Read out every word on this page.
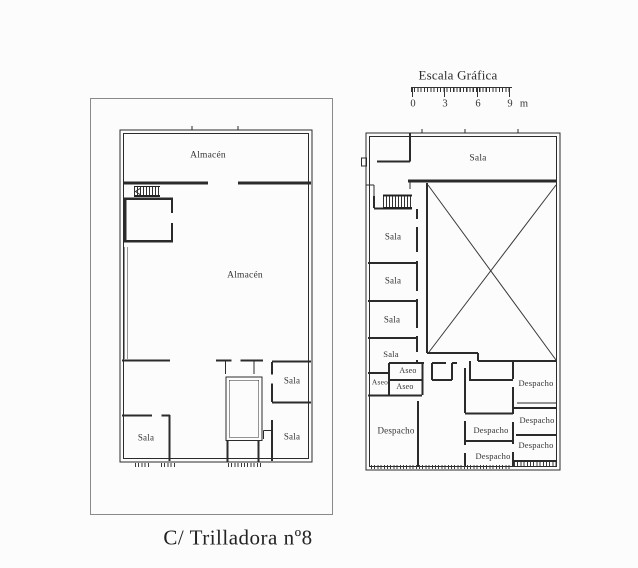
Escala Gráfica
0	3	6	9 m
Almacén
Almacén
Sala
Sala
Sala
Sala
Sala
Sala
Sala
Sala
Aseo
Aseo
Aseo	Despacho
Despacho
Despacho
Despacho
Despacho
Despacho
C/ Trilladora nº8
